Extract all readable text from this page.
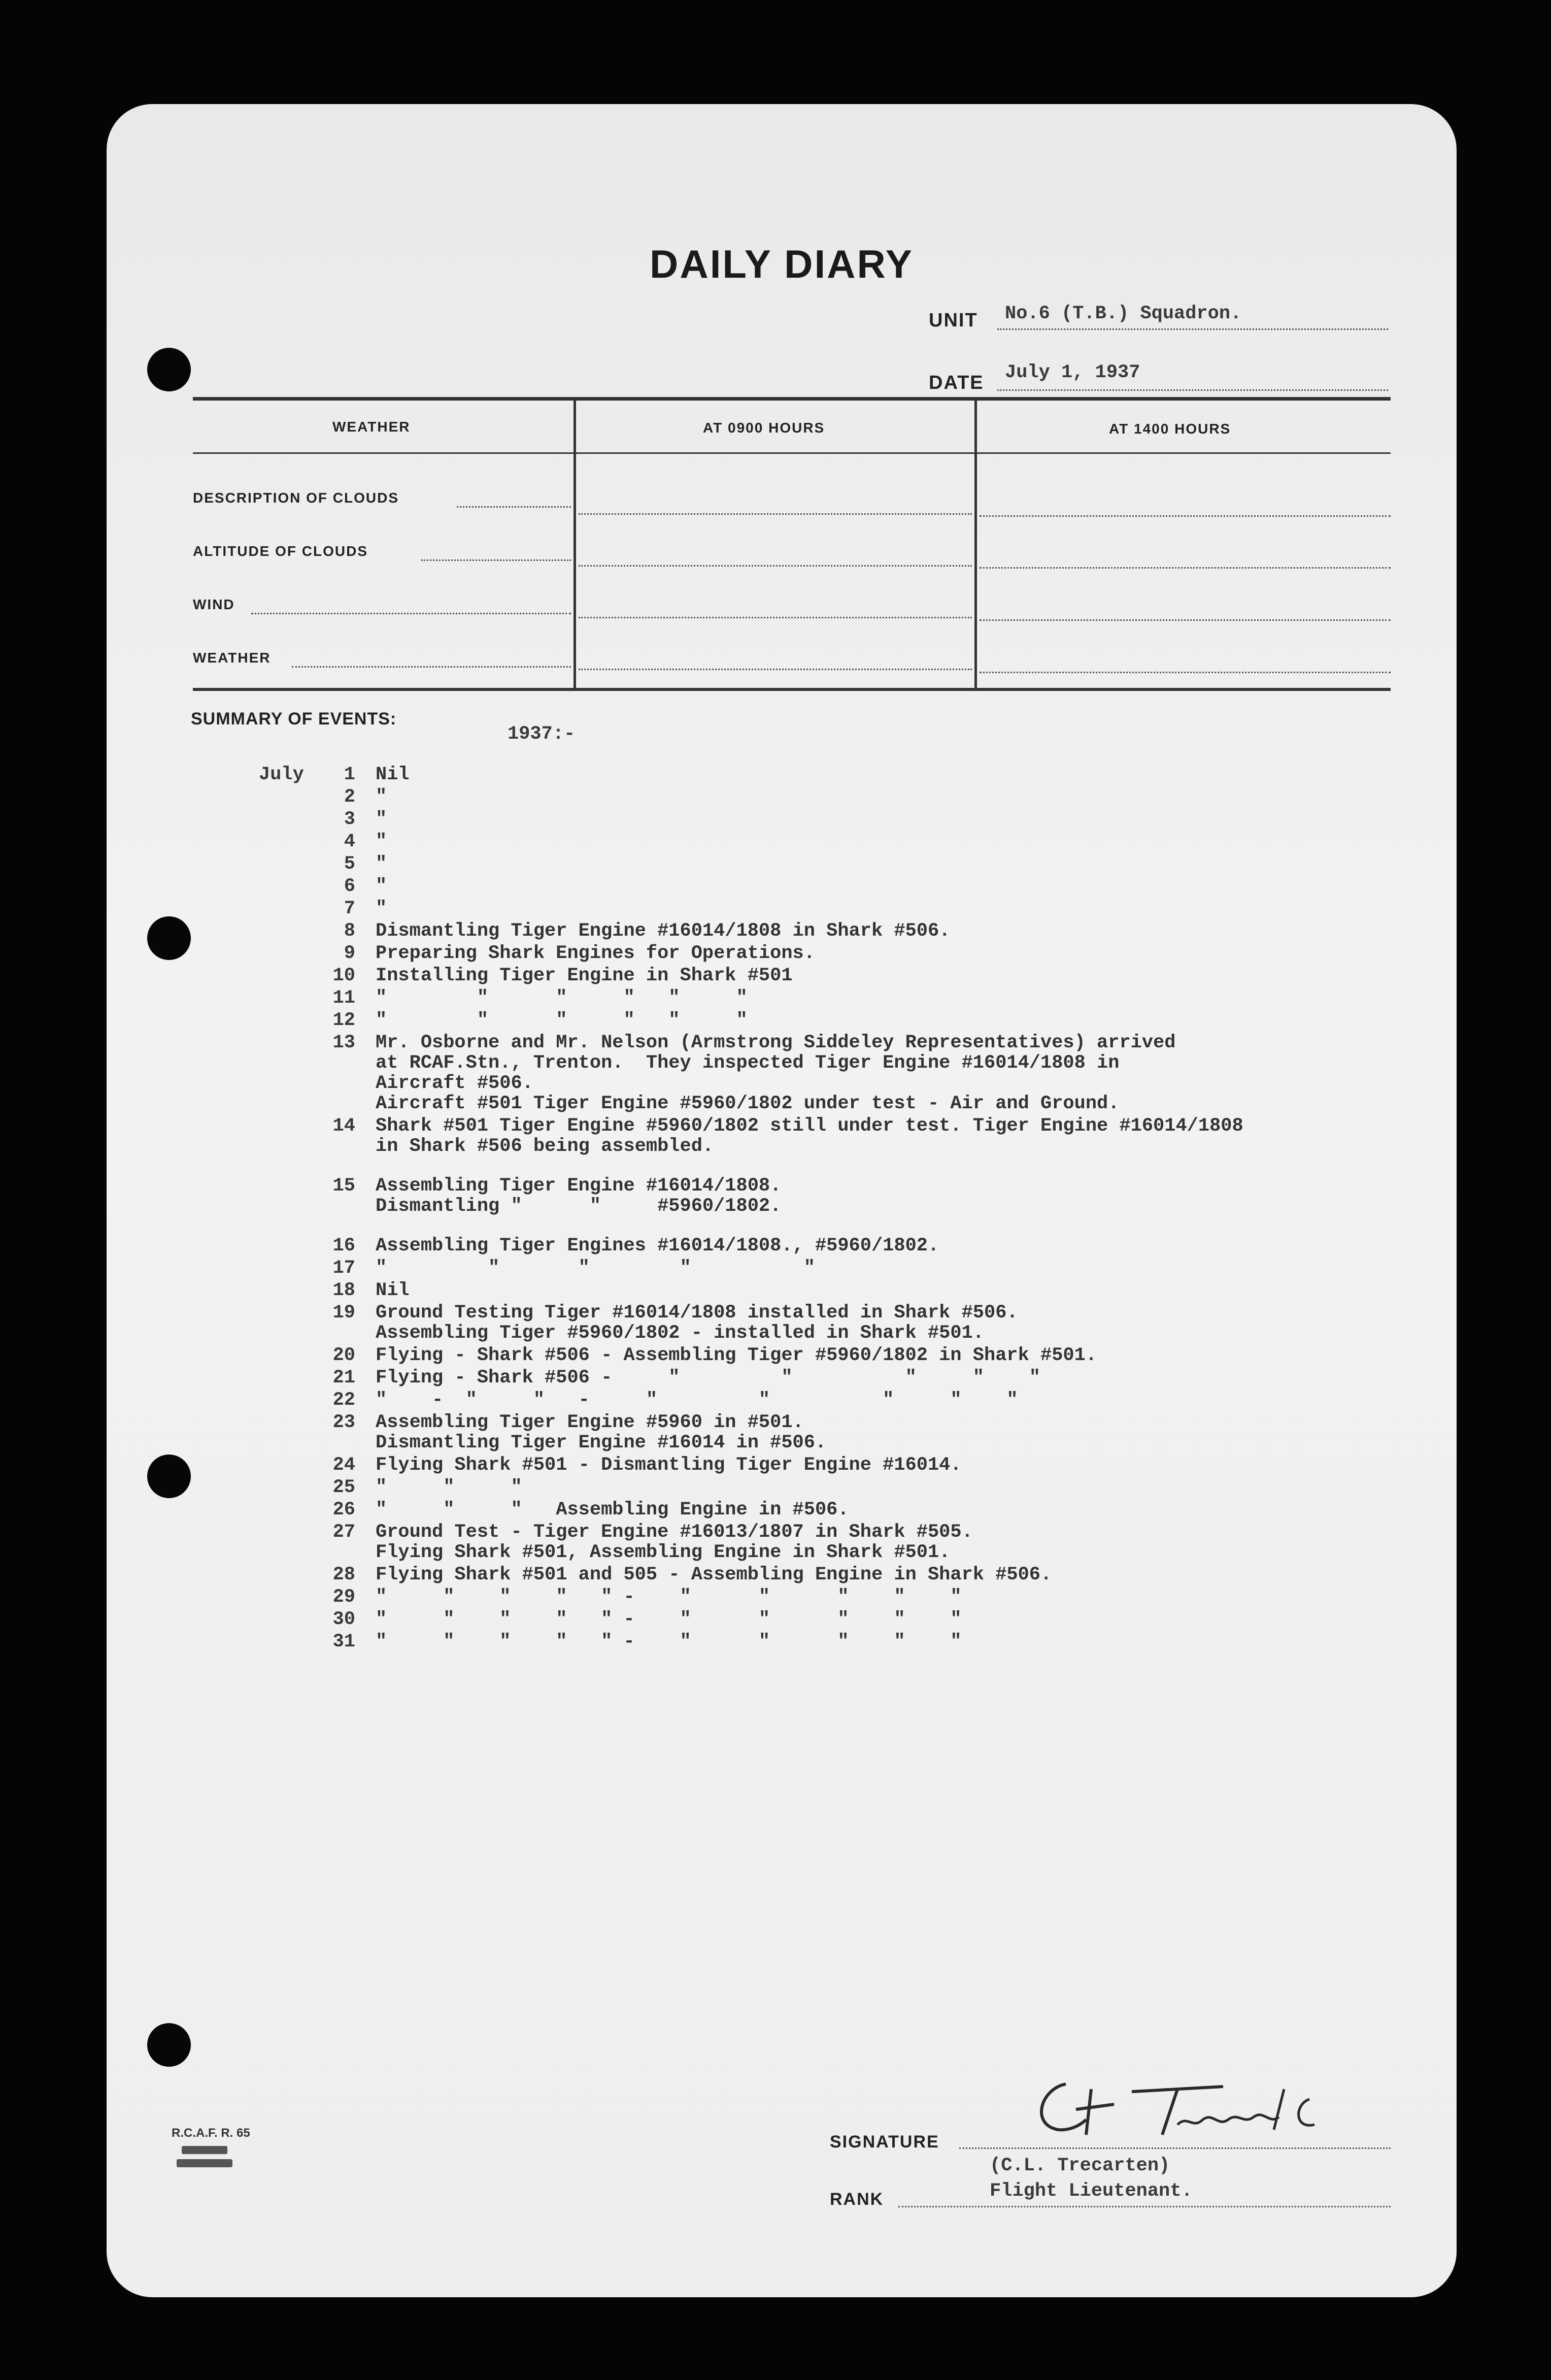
DAILY DIARY
UNIT No.6 (T.B.) Squadron.
DATE July 1, 1937
WEATHER	AT 0900 HOURS	AT 1400 HOURS
DESCRIPTION OF CLOUDS
ALTITUDE OF CLOUDS
WIND
WEATHER
SUMMARY OF EVENTS:
1937:-
July	1 Nil
2 "
3 "
4 "
5 "
6 "
7 "
8 Dismantling Tiger Engine #16014/1808 in Shark #506.
9 Preparing Shark Engines for Operations.
10 Installing Tiger Engine in Shark #501
11 "        "      "     "   "     "
12 "        "      "     "   "     "
13 Mr. Osborne and Mr. Nelson (Armstrong Siddeley Representatives) arrived
at RCAF.Stn., Trenton.  They inspected Tiger Engine #16014/1808 in
Aircraft #506.
Aircraft #501 Tiger Engine #5960/1802 under test - Air and Ground.
14 Shark #501 Tiger Engine #5960/1802 still under test. Tiger Engine #16014/1808
in Shark #506 being assembled.
15 Assembling Tiger Engine #16014/1808.
Dismantling "      "     #5960/1802.
16 Assembling Tiger Engines #16014/1808., #5960/1802.
17 "         "       "        "          "
18 Nil
19 Ground Testing Tiger #16014/1808 installed in Shark #506.
Assembling Tiger #5960/1802 - installed in Shark #501.
20 Flying - Shark #506 - Assembling Tiger #5960/1802 in Shark #501.
21 Flying - Shark #506 -     "         "          "     "    "
22 "    -  "     "   -     "         "          "     "    "
23 Assembling Tiger Engine #5960 in #501.
Dismantling Tiger Engine #16014 in #506.
24 Flying Shark #501 - Dismantling Tiger Engine #16014.
25 "     "     "
26 "     "     "   Assembling Engine in #506.
27 Ground Test - Tiger Engine #16013/1807 in Shark #505.
Flying Shark #501, Assembling Engine in Shark #501.
28 Flying Shark #501 and 505 - Assembling Engine in Shark #506.
29 "     "    "    "   " -    "      "      "    "    "
30 "     "    "    "   " -    "      "      "    "    "
31 "     "    "    "   " -    "      "      "    "    "
R.C.A.F. R. 65	SIGNATURE
(C.L. Trecarten)
RANK	Flight Lieutenant.
